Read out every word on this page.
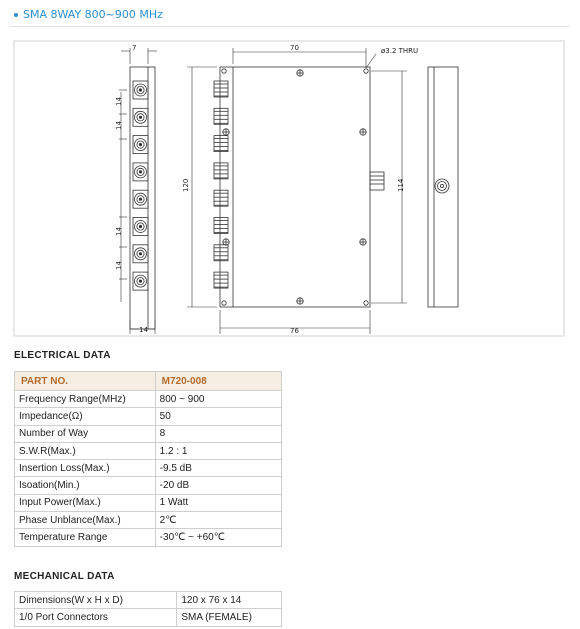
SMA 8WAY 800~900 MHz
7
14
14
14
14
14
70	ø3.2 THRU
120	114
76
ELECTRICAL DATA
PART NO.	M720-008
Frequency Range(MHz)	800 ~ 900
Impedance(Ω)	50
Number of Way	8
S.W.R(Max.)	1.2 : 1
Insertion Loss(Max.)	-9.5 dB
Isoation(Min.)	-20 dB
Input Power(Max.)	1 Watt
Phase Unblance(Max.)	2℃
Temperature Range	-30℃ ~ +60℃
MECHANICAL DATA
Dimensions(W x H x D)	120 x 76 x 14
1/0 Port Connectors	SMA (FEMALE)
